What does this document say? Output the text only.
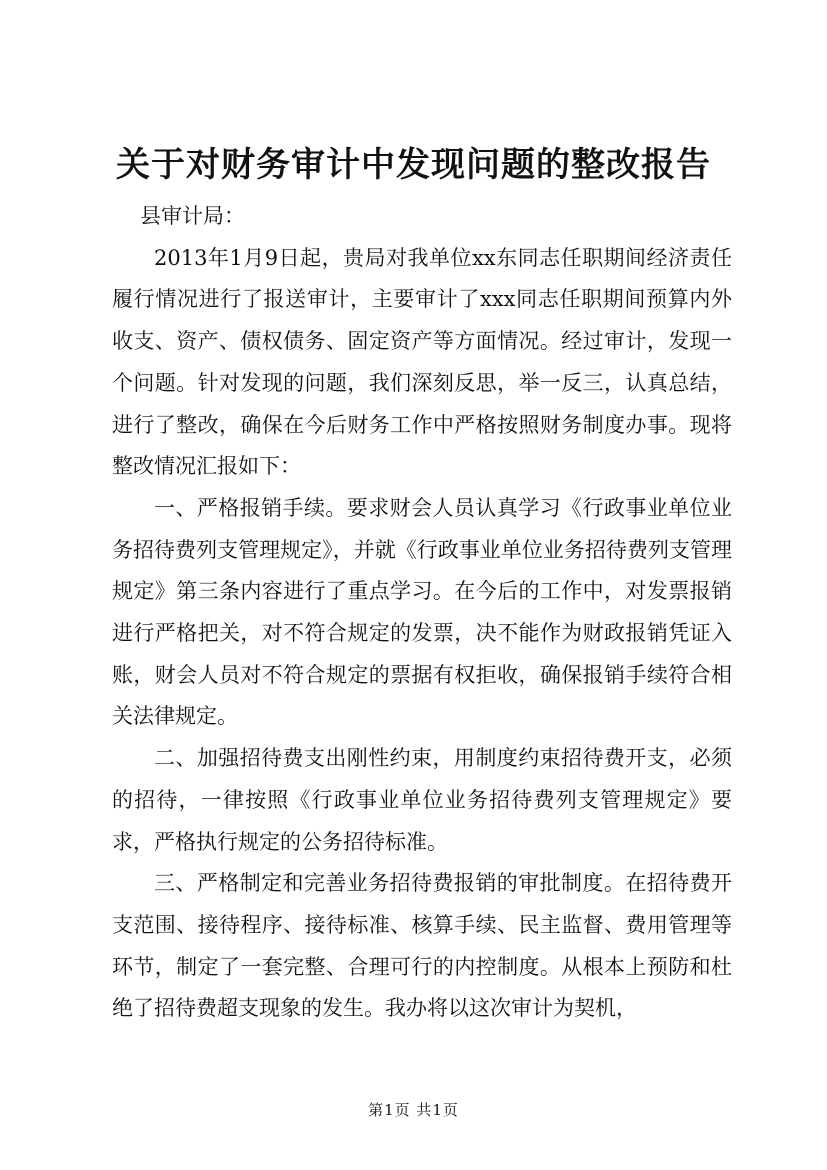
关于对财务审计中发现问题的整改报告

县审计局：

2013年1月9日起，贵局对我单位xx东同志任职期间经济责任履行情况进行了报送审计，主要审计了xxx同志任职期间预算内外收支、资产、债权债务、固定资产等方面情况。经过审计，发现一个问题。针对发现的问题，我们深刻反思，举一反三，认真总结，进行了整改，确保在今后财务工作中严格按照财务制度办事。现将整改情况汇报如下：

一、严格报销手续。要求财会人员认真学习《行政事业单位业务招待费列支管理规定》，并就《行政事业单位业务招待费列支管理规定》第三条内容进行了重点学习。在今后的工作中，对发票报销进行严格把关，对不符合规定的发票，决不能作为财政报销凭证入账，财会人员对不符合规定的票据有权拒收，确保报销手续符合相关法律规定。

二、加强招待费支出刚性约束，用制度约束招待费开支，必须的招待，一律按照《行政事业单位业务招待费列支管理规定》要求，严格执行规定的公务招待标准。

三、严格制定和完善业务招待费报销的审批制度。在招待费开支范围、接待程序、接待标准、核算手续、民主监督、费用管理等环节，制定了一套完整、合理可行的内控制度。从根本上预防和杜绝了招待费超支现象的发生。我办将以这次审计为契机，

第1页 共1页
